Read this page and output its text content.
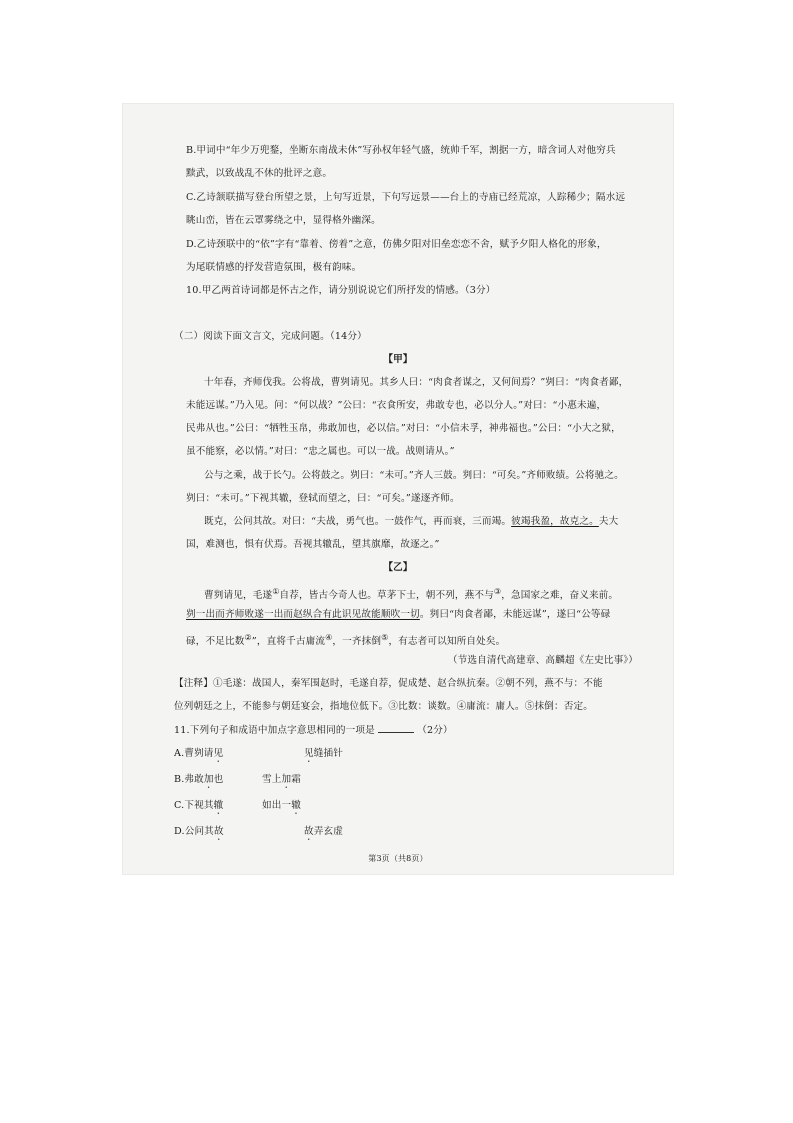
B.甲词中“年少万兜鍪，坐断东南战未休”写孙权年轻气盛，统帅千军，割据一方，暗含词人对他穷兵
黩武，以致战乱不休的批评之意。
C.乙诗颔联描写登台所望之景，上句写近景，下句写远景——台上的寺庙已经荒凉，人踪稀少；隔水远
眺山峦，皆在云罩雾绕之中，显得格外幽深。
D.乙诗颈联中的“依”字有“靠着、傍着”之意，仿佛夕阳对旧垒恋恋不舍，赋予夕阳人格化的形象，
为尾联情感的抒发营造氛围，极有韵味。
10.甲乙两首诗词都是怀古之作，请分别说说它们所抒发的情感。（3分）
（二）阅读下面文言文，完成问题。（14分）
【甲】
十年春，齐师伐我。公将战，曹刿请见。其乡人曰：“肉食者谋之，又何间焉？”刿曰：“肉食者鄙，
未能远谋。”乃入见。问：“何以战？”公曰：“衣食所安，弗敢专也，必以分人。”对曰：“小惠未遍，
民弗从也。”公曰：“牺牲玉帛，弗敢加也，必以信。”对曰：“小信未孚，神弗福也。”公曰：“小大之狱，
虽不能察，必以情。”对曰：“忠之属也。可以一战。战则请从。”
公与之乘，战于长勺。公将鼓之。刿曰：“未可。”齐人三鼓。刿曰：“可矣。”齐师败绩。公将驰之。
刿曰：“未可。”下视其辙，登轼而望之，曰：“可矣。”遂逐齐师。
既克，公问其故。对曰：“夫战，勇气也。一鼓作气，再而衰，三而竭。彼竭我盈，故克之。夫大
国，难测也，惧有伏焉。吾视其辙乱，望其旗靡，故逐之。”
【乙】
曹刿请见，毛遂①自荐，皆古今奇人也。草茅下士，朝不列，燕不与③，急国家之难，奋义来前。
刿一出而齐师败遂一出而赵纵合有此识见故能顺吹一切。刿曰“肉食者鄙，未能远谋”，遂曰“公等碌
碌，不足比数②”，直将千古庸流④，一齐抹倒⑤，有志者可以知所自处矣。
（节选自清代高建章、高麟超《左史比事》）
【注释】①毛遂：战国人，秦军围赵时，毛遂自荐，促成楚、赵合纵抗秦。②朝不列，燕不与：不能
位列朝廷之上，不能参与朝廷宴会，指地位低下。③比数：谈数。④庸流：庸人。⑤抹倒：否定。
11.下列句子和成语中加点字意思相同的一项是	（2分）
A.曹刿请见	见缝插针
B.弗敢加也	雪上加霜
C.下视其辙	如出一辙
D.公问其故	故弄玄虚
第3页（共8页）
